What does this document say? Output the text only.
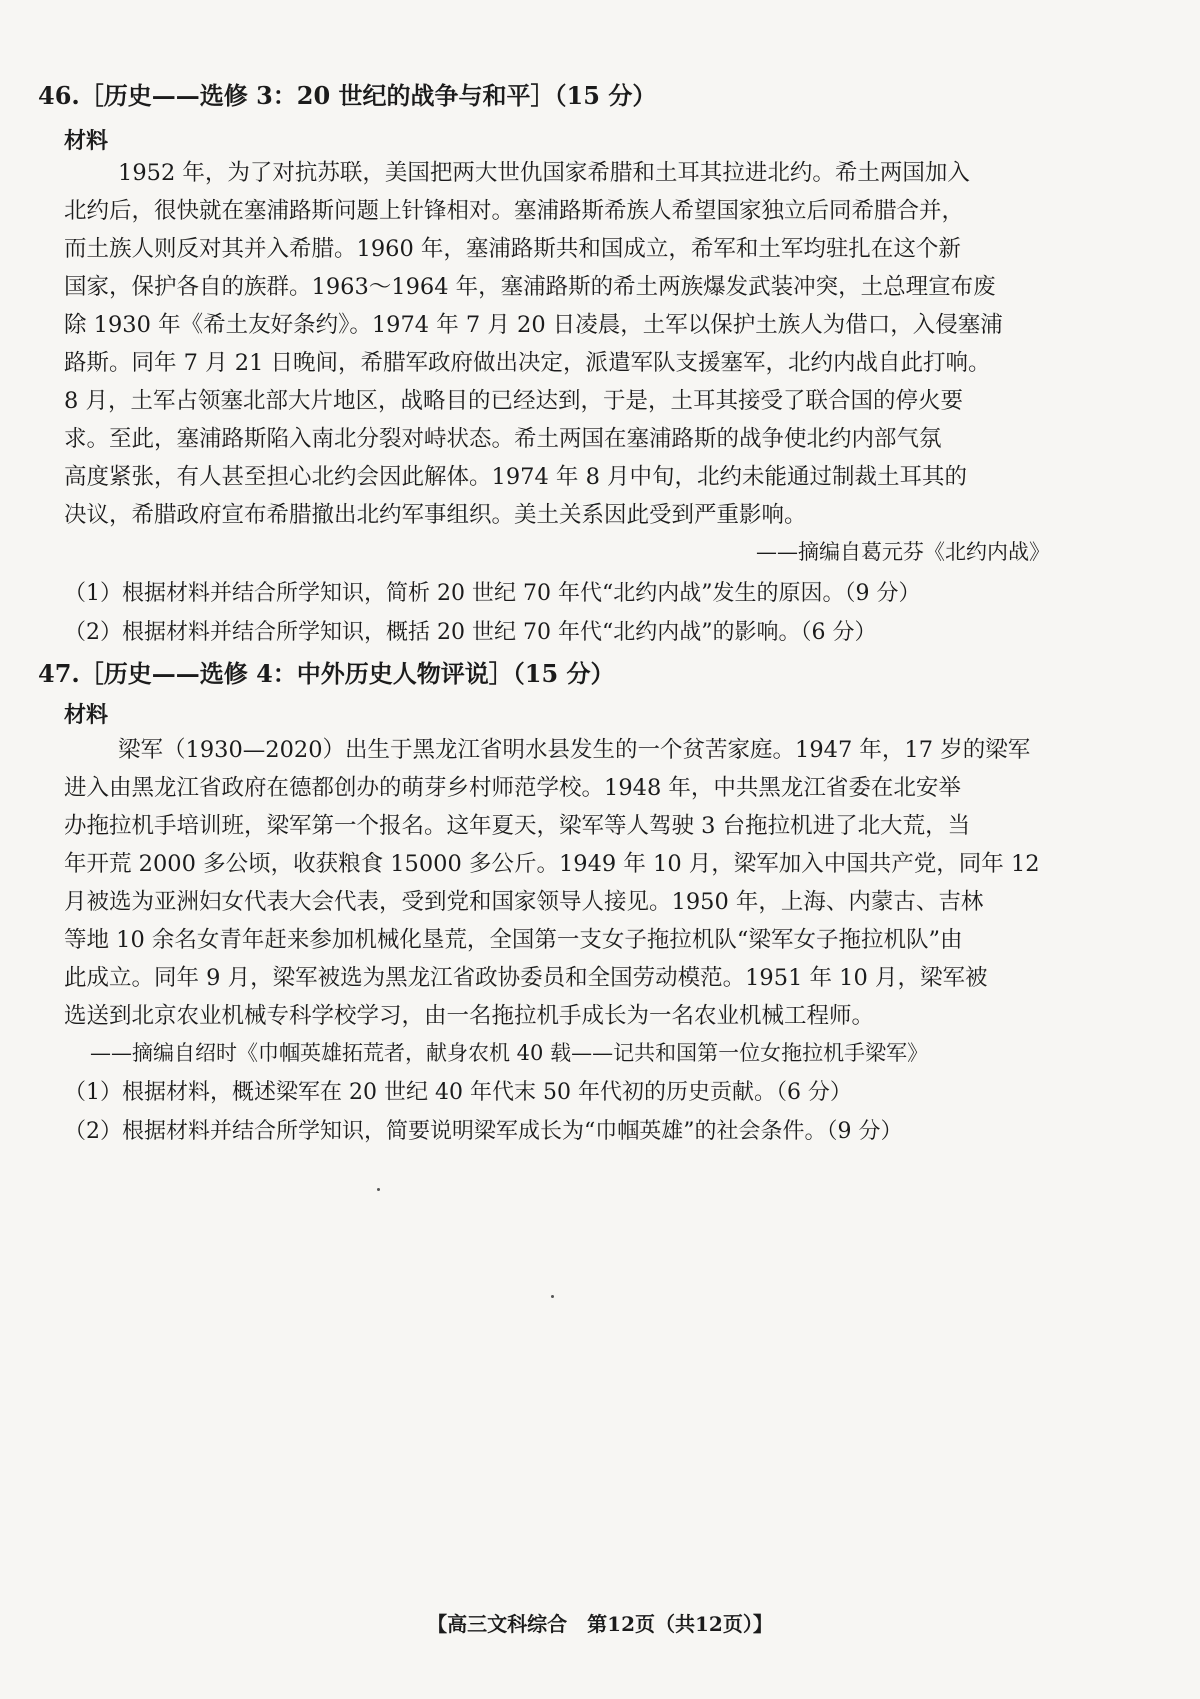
46.［历史——选修 3：20 世纪的战争与和平］（15 分）
材料
1952 年，为了对抗苏联，美国把两大世仇国家希腊和土耳其拉进北约。希土两国加入
北约后，很快就在塞浦路斯问题上针锋相对。塞浦路斯希族人希望国家独立后同希腊合并，
而土族人则反对其并入希腊。1960 年，塞浦路斯共和国成立，希军和土军均驻扎在这个新
国家，保护各自的族群。1963～1964 年，塞浦路斯的希土两族爆发武装冲突，土总理宣布废
除 1930 年《希土友好条约》。1974 年 7 月 20 日凌晨，土军以保护土族人为借口，入侵塞浦
路斯。同年 7 月 21 日晚间，希腊军政府做出决定，派遣军队支援塞军，北约内战自此打响。
8 月，土军占领塞北部大片地区，战略目的已经达到，于是，土耳其接受了联合国的停火要
求。至此，塞浦路斯陷入南北分裂对峙状态。希土两国在塞浦路斯的战争使北约内部气氛
高度紧张，有人甚至担心北约会因此解体。1974 年 8 月中旬，北约未能通过制裁土耳其的
决议，希腊政府宣布希腊撤出北约军事组织。美土关系因此受到严重影响。
——摘编自葛元芬《北约内战》
（1）根据材料并结合所学知识，简析 20 世纪 70 年代“北约内战”发生的原因。（9 分）
（2）根据材料并结合所学知识，概括 20 世纪 70 年代“北约内战”的影响。（6 分）
47.［历史——选修 4：中外历史人物评说］（15 分）
材料
梁军（1930—2020）出生于黑龙江省明水县发生的一个贫苦家庭。1947 年，17 岁的梁军
进入由黑龙江省政府在德都创办的萌芽乡村师范学校。1948 年，中共黑龙江省委在北安举
办拖拉机手培训班，梁军第一个报名。这年夏天，梁军等人驾驶 3 台拖拉机进了北大荒，当
年开荒 2000 多公顷，收获粮食 15000 多公斤。1949 年 10 月，梁军加入中国共产党，同年 12
月被选为亚洲妇女代表大会代表，受到党和国家领导人接见。1950 年，上海、内蒙古、吉林
等地 10 余名女青年赶来参加机械化垦荒，全国第一支女子拖拉机队“梁军女子拖拉机队”由
此成立。同年 9 月，梁军被选为黑龙江省政协委员和全国劳动模范。1951 年 10 月，梁军被
选送到北京农业机械专科学校学习，由一名拖拉机手成长为一名农业机械工程师。
——摘编自绍时《巾帼英雄拓荒者，献身农机 40 载——记共和国第一位女拖拉机手梁军》
（1）根据材料，概述梁军在 20 世纪 40 年代末 50 年代初的历史贡献。（6 分）
（2）根据材料并结合所学知识，简要说明梁军成长为“巾帼英雄”的社会条件。（9 分）
【高三文科综合　第12页（共12页）】
